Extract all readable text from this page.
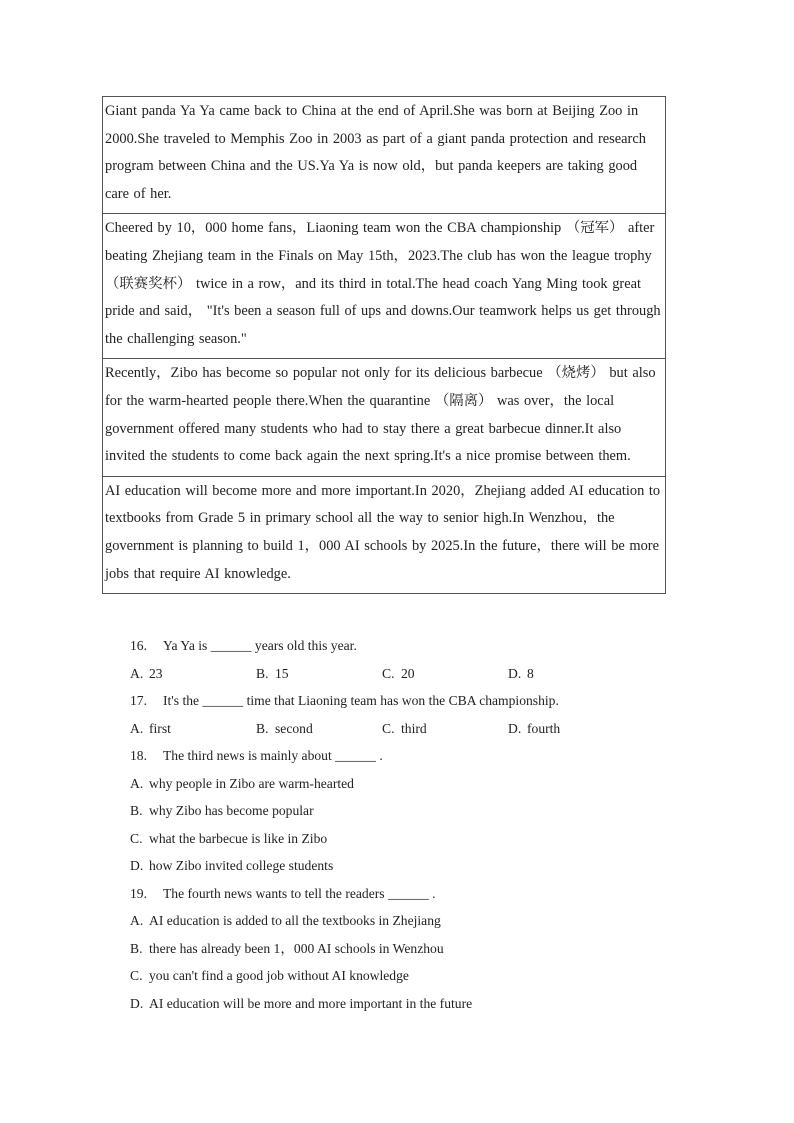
Giant panda Ya Ya came back to China at the end of April.She was born at Beijing Zoo in 2000.She traveled to Memphis Zoo in 2003 as part of a giant panda protection and research program between China and the US.Ya Ya is now old，but panda keepers are taking good care of her.
Cheered by 10，000 home fans，Liaoning team won the CBA championship （冠军） after beating Zhejiang team in the Finals on May 15th，2023.The club has won the league trophy（联赛奖杯） twice in a row，and its third in total.The head coach Yang Ming took great pride and said， "It's been a season full of ups and downs.Our teamwork helps us get through the challenging season."
Recently，Zibo has become so popular not only for its delicious barbecue （烧烤） but also for the warm-hearted people there.When the quarantine （隔离） was over，the local government offered many students who had to stay there a great barbecue dinner.It also invited the students to come back again the next spring.It's a nice promise between them.
AI education will become more and more important.In 2020，Zhejiang added AI education to textbooks from Grade 5 in primary school all the way to senior high.In Wenzhou，the government is planning to build 1，000 AI schools by 2025.In the future，there will be more jobs that require AI knowledge.
16. Ya Ya is ______ years old this year.
A. 23	B. 15	C. 20	D. 8
17. It's the ______ time that Liaoning team has won the CBA championship.
A. first	B. second	C. third	D. fourth
18. The third news is mainly about ______ .
A. why people in Zibo are warm-hearted
B. why Zibo has become popular
C. what the barbecue is like in Zibo
D. how Zibo invited college students
19. The fourth news wants to tell the readers ______ .
A. AI education is added to all the textbooks in Zhejiang
B. there has already been 1，000 AI schools in Wenzhou
C. you can't find a good job without AI knowledge
D. AI education will be more and more important in the future
